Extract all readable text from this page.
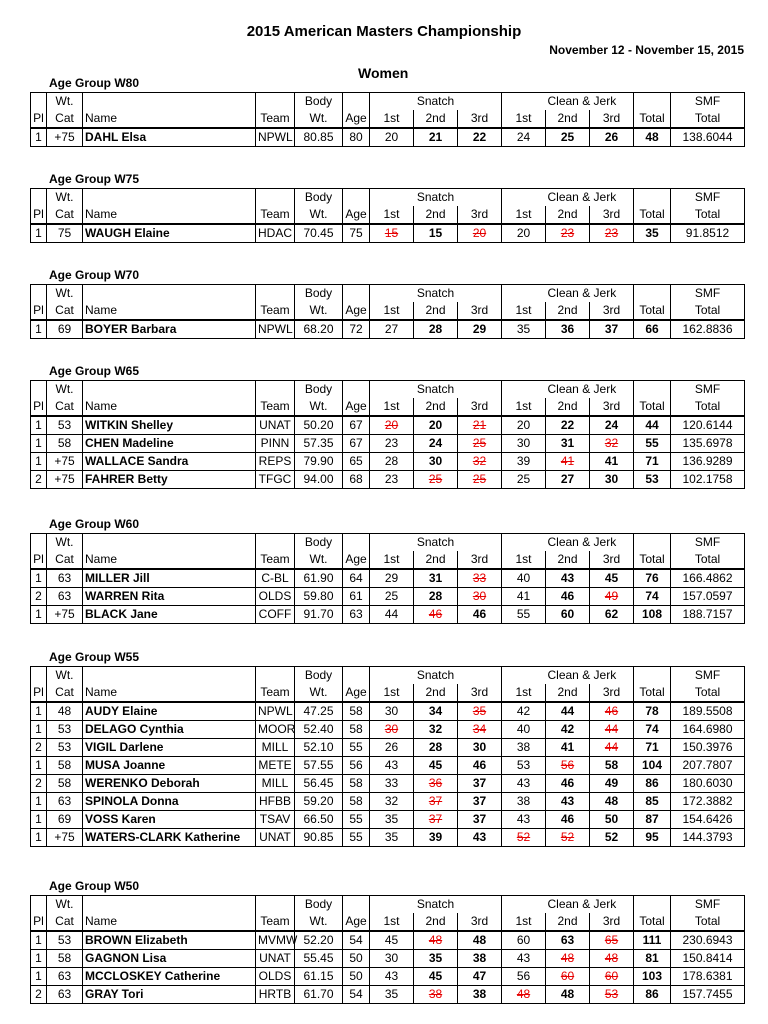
2015 American Masters Championship
November 12 - November 15, 2015
Women
Age Group W80
	Wt.			Body			Snatch			Clean & Jerk			SMF
Pl	Cat	Name	Team	Wt.	Age	1st	2nd	3rd	1st	2nd	3rd	Total	Total
1	+75	DAHL Elsa	NPWL	80.85	80	20	21	22	24	25	26	48	138.6044
Age Group W75
	Wt.			Body			Snatch			Clean & Jerk			SMF
Pl	Cat	Name	Team	Wt.	Age	1st	2nd	3rd	1st	2nd	3rd	Total	Total
1	75	WAUGH Elaine	HDAC	70.45	75	15	15	20	20	23	23	35	91.8512
Age Group W70
	Wt.			Body			Snatch			Clean & Jerk			SMF
Pl	Cat	Name	Team	Wt.	Age	1st	2nd	3rd	1st	2nd	3rd	Total	Total
1	69	BOYER Barbara	NPWL	68.20	72	27	28	29	35	36	37	66	162.8836
Age Group W65
	Wt.			Body			Snatch			Clean & Jerk			SMF
Pl	Cat	Name	Team	Wt.	Age	1st	2nd	3rd	1st	2nd	3rd	Total	Total
1	53	WITKIN Shelley	UNAT	50.20	67	20	20	21	20	22	24	44	120.6144
1	58	CHEN Madeline	PINN	57.35	67	23	24	25	30	31	32	55	135.6978
1	+75	WALLACE Sandra	REPS	79.90	65	28	30	32	39	41	41	71	136.9289
2	+75	FAHRER Betty	TFGC	94.00	68	23	25	25	25	27	30	53	102.1758
Age Group W60
	Wt.			Body			Snatch			Clean & Jerk			SMF
Pl	Cat	Name	Team	Wt.	Age	1st	2nd	3rd	1st	2nd	3rd	Total	Total
1	63	MILLER Jill	C-BL	61.90	64	29	31	33	40	43	45	76	166.4862
2	63	WARREN Rita	OLDS	59.80	61	25	28	30	41	46	49	74	157.0597
1	+75	BLACK Jane	COFF	91.70	63	44	46	46	55	60	62	108	188.7157
Age Group W55
	Wt.			Body			Snatch			Clean & Jerk			SMF
Pl	Cat	Name	Team	Wt.	Age	1st	2nd	3rd	1st	2nd	3rd	Total	Total
1	48	AUDY Elaine	NPWL	47.25	58	30	34	35	42	44	46	78	189.5508
1	53	DELAGO Cynthia	MOOR	52.40	58	30	32	34	40	42	44	74	164.6980
2	53	VIGIL Darlene	MILL	52.10	55	26	28	30	38	41	44	71	150.3976
1	58	MUSA Joanne	METE	57.55	56	43	45	46	53	56	58	104	207.7807
2	58	WERENKO Deborah	MILL	56.45	58	33	36	37	43	46	49	86	180.6030
1	63	SPINOLA Donna	HFBB	59.20	58	32	37	37	38	43	48	85	172.3882
1	69	VOSS Karen	TSAV	66.50	55	35	37	37	43	46	50	87	154.6426
1	+75	WATERS-CLARK Katherine	UNAT	90.85	55	35	39	43	52	52	52	95	144.3793
Age Group W50
	Wt.			Body			Snatch			Clean & Jerk			SMF
Pl	Cat	Name	Team	Wt.	Age	1st	2nd	3rd	1st	2nd	3rd	Total	Total
1	53	BROWN Elizabeth	MVMW	52.20	54	45	48	48	60	63	65	111	230.6943
1	58	GAGNON Lisa	UNAT	55.45	50	30	35	38	43	48	48	81	150.8414
1	63	MCCLOSKEY Catherine	OLDS	61.15	50	43	45	47	56	60	60	103	178.6381
2	63	GRAY Tori	HRTB	61.70	54	35	38	38	48	48	53	86	157.7455
